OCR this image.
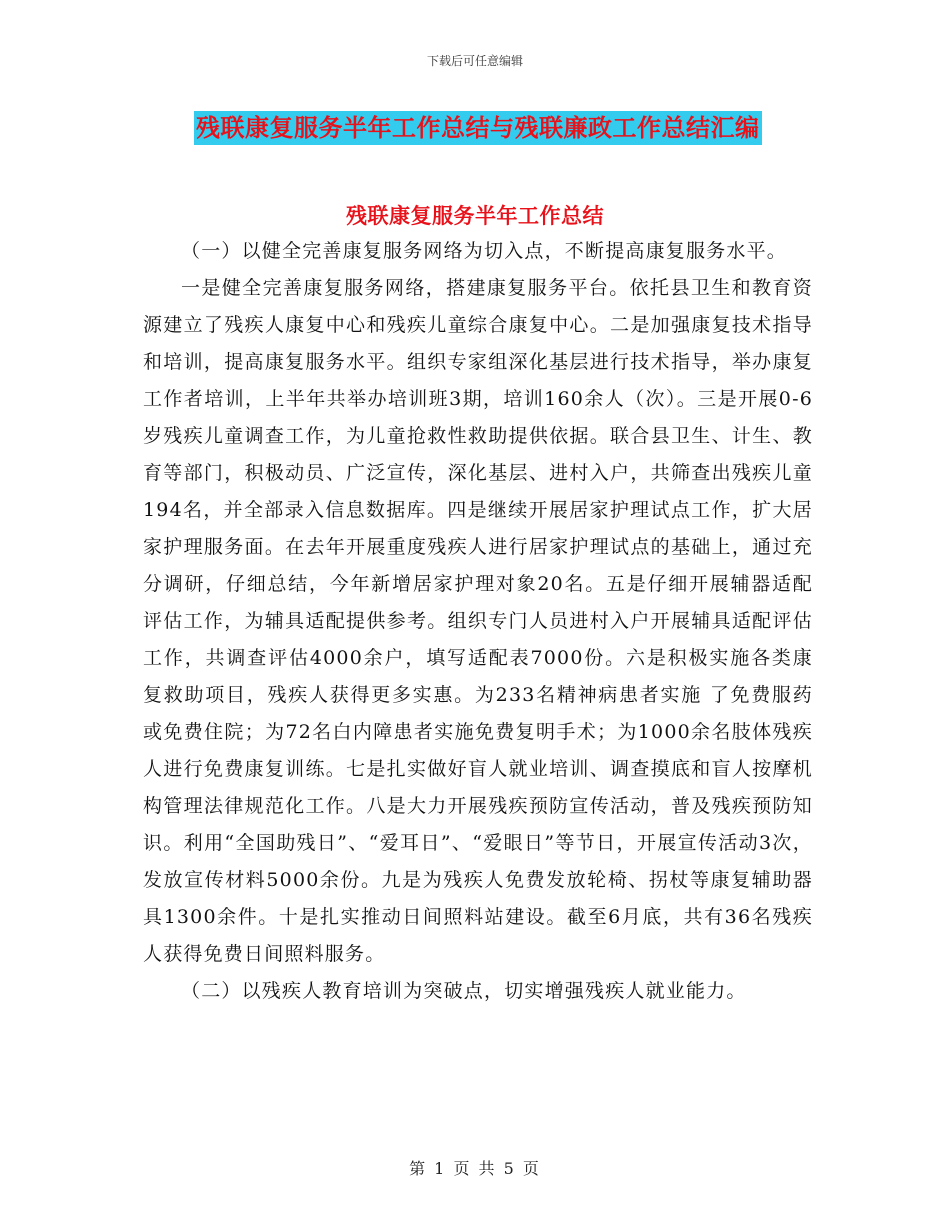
下载后可任意编辑
残联康复服务半年工作总结与残联廉政工作总结汇编
残联康复服务半年工作总结

（一）以健全完善康复服务网络为切入点，不断提高康复服务水平。

一是健全完善康复服务网络，搭建康复服务平台。依托县卫生和教育资源建立了残疾人康复中心和残疾儿童综合康复中心。二是加强康复技术指导和培训，提高康复服务水平。组织专家组深化基层进行技术指导，举办康复工作者培训，上半年共举办培训班3期，培训160余人（次）。三是开展0-6岁残疾儿童调查工作，为儿童抢救性救助提供依据。联合县卫生、计生、教育等部门，积极动员、广泛宣传，深化基层、进村入户，共筛查出残疾儿童194名，并全部录入信息数据库。四是继续开展居家护理试点工作，扩大居家护理服务面。在去年开展重度残疾人进行居家护理试点的基础上，通过充分调研，仔细总结，今年新增居家护理对象20名。五是仔细开展辅器适配评估工作，为辅具适配提供参考。组织专门人员进村入户开展辅具适配评估工作，共调查评估4000余户，填写适配表7000份。六是积极实施各类康复救助项目，残疾人获得更多实惠。为233名精神病患者实施 了免费服药或免费住院；为72名白内障患者实施免费复明手术；为1000余名肢体残疾人进行免费康复训练。七是扎实做好盲人就业培训、调查摸底和盲人按摩机构管理法律规范化工作。八是大力开展残疾预防宣传活动，普及残疾预防知识。利用“全国助残日”、“爱耳日”、“爱眼日”等节日，开展宣传活动3次，发放宣传材料5000余份。九是为残疾人免费发放轮椅、拐杖等康复辅助器具1300余件。十是扎实推动日间照料站建设。截至6月底，共有36名残疾人获得免费日间照料服务。

（二）以残疾人教育培训为突破点，切实增强残疾人就业能力。

第 1 页 共 5 页
